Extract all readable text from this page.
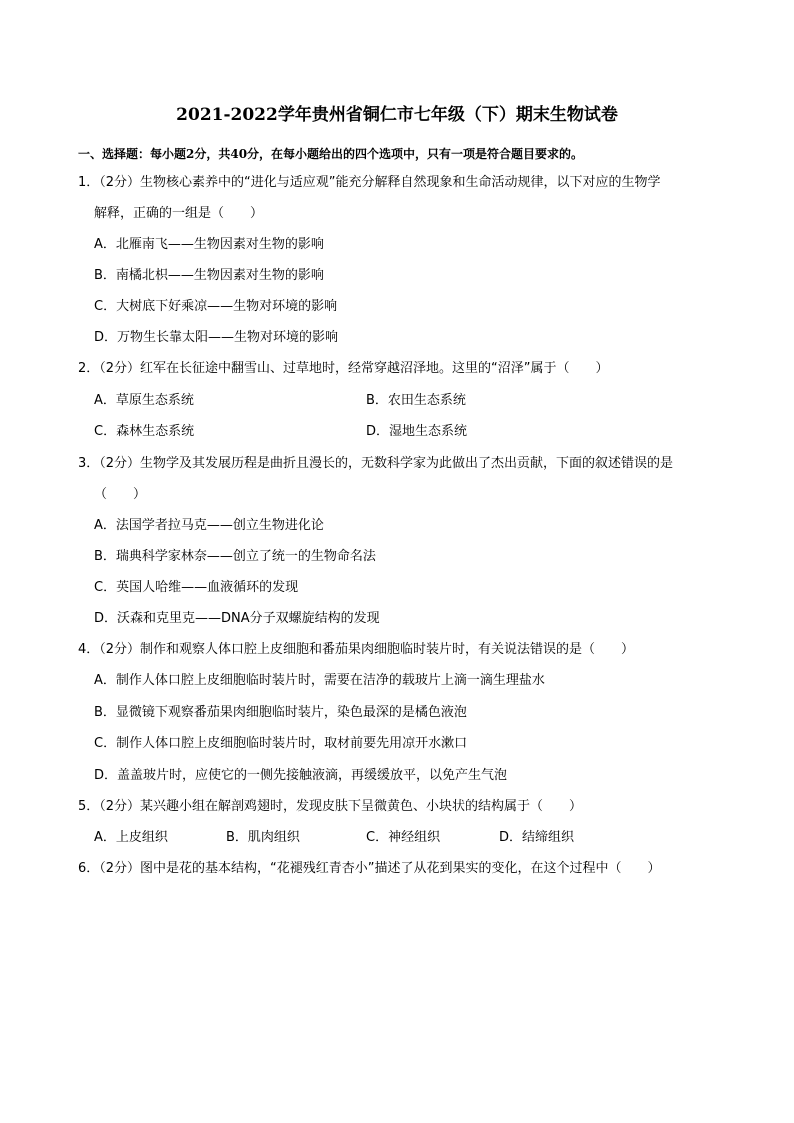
2021-2022学年贵州省铜仁市七年级（下）期末生物试卷
一、选择题：每小题2分，共40分，在每小题给出的四个选项中，只有一项是符合题目要求的。
1．（2分）生物核心素养中的“进化与适应观”能充分解释自然现象和生命活动规律，以下对应的生物学
解释，正确的一组是（　　）
A．北雁南飞——生物因素对生物的影响
B．南橘北枳——生物因素对生物的影响
C．大树底下好乘凉——生物对环境的影响
D．万物生长靠太阳——生物对环境的影响
2．（2分）红军在长征途中翻雪山、过草地时，经常穿越沼泽地。这里的“沼泽”属于（　　）
A．草原生态系统	B．农田生态系统
C．森林生态系统	D．湿地生态系统
3．（2分）生物学及其发展历程是曲折且漫长的，无数科学家为此做出了杰出贡献，下面的叙述错误的是
（　　）
A．法国学者拉马克——创立生物进化论
B．瑞典科学家林奈——创立了统一的生物命名法
C．英国人哈维——血液循环的发现
D．沃森和克里克——DNA分子双螺旋结构的发现
4．（2分）制作和观察人体口腔上皮细胞和番茄果肉细胞临时装片时，有关说法错误的是（　　）
A．制作人体口腔上皮细胞临时装片时，需要在洁净的载玻片上滴一滴生理盐水
B．显微镜下观察番茄果肉细胞临时装片，染色最深的是橘色液泡
C．制作人体口腔上皮细胞临时装片时，取材前要先用凉开水漱口
D．盖盖玻片时，应使它的一侧先接触液滴，再缓缓放平，以免产生气泡
5．（2分）某兴趣小组在解剖鸡翅时，发现皮肤下呈微黄色、小块状的结构属于（　　）
A．上皮组织	B．肌肉组织	C．神经组织	D．结缔组织
6．（2分）图中是花的基本结构，“花褪残红青杏小”描述了从花到果实的变化，在这个过程中（　　）
